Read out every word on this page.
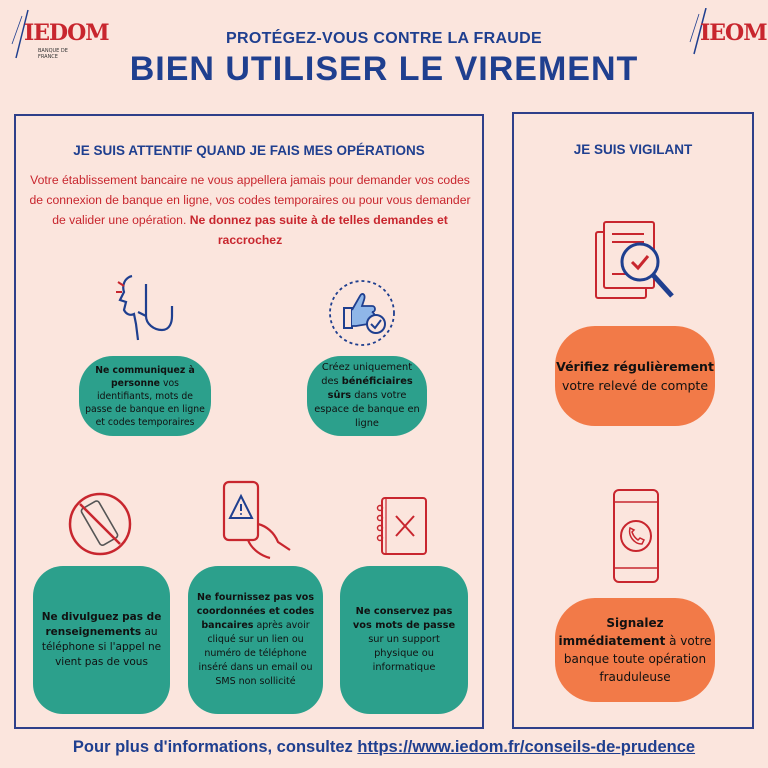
IEDOM
BANQUE DE FRANCE
IEOM
PROTÉGEZ-VOUS CONTRE LA FRAUDE
BIEN UTILISER LE VIREMENT
JE SUIS ATTENTIF QUAND JE FAIS MES OPÉRATIONS
Votre établissement bancaire ne vous appellera jamais pour demander vos codes de connexion de banque en ligne, vos codes temporaires ou pour vous demander de valider une opération. Ne donnez pas suite à de telles demandes et raccrochez
JE SUIS VIGILANT
Ne communiquez à personne vos identifiants, mots de passe de banque en ligne et codes temporaires
Créez uniquement des bénéficiaires sûrs dans votre espace de banque en ligne
Ne divulguez pas de renseignements au téléphone si l'appel ne vient pas de vous
Ne fournissez pas vos coordonnées et codes bancaires après avoir cliqué sur un lien ou numéro de téléphone inséré dans un email ou SMS non sollicité
Ne conservez pas vos mots de passe sur un support physique ou informatique
Vérifiez régulièrement votre relevé de compte
Signalez immédiatement à votre banque toute opération frauduleuse
Pour plus d'informations, consultez https://www.iedom.fr/conseils-de-prudence
